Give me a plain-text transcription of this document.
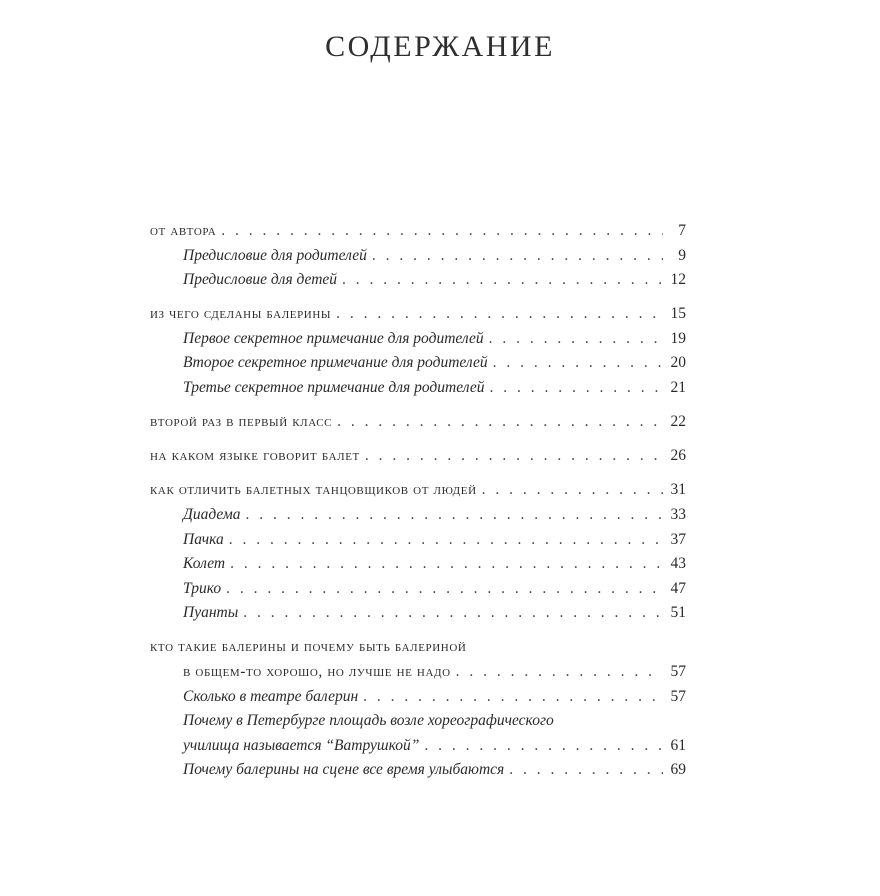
СОДЕРЖАНИЕ
от автора . . .	7
Предисловие для родителей . . .	9
Предисловие для детей . . .	12
из чего сделаны балерины . . .	15
Первое секретное примечание для родителей . . .	19
Второе секретное примечание для родителей . . .	20
Третье секретное примечание для родителей . . .	21
второй раз в первый класс . . .	22
на каком языке говорит балет . . .	26
как отличить балетных танцовщиков от людей . . .	31
Диадема . . .	33
Пачка . . .	37
Колет . . .	43
Трико . . .	47
Пуанты . . .	51
кто такие балерины и почему быть балериной
в общем-то хорошо, но лучше не надо . . .	57
Сколько в театре балерин . . .	57
Почему в Петербурге площадь возле хореографического
училища называется “Ватрушкой” . . .	61
Почему балерины на сцене все время улыбаются . . .	69
